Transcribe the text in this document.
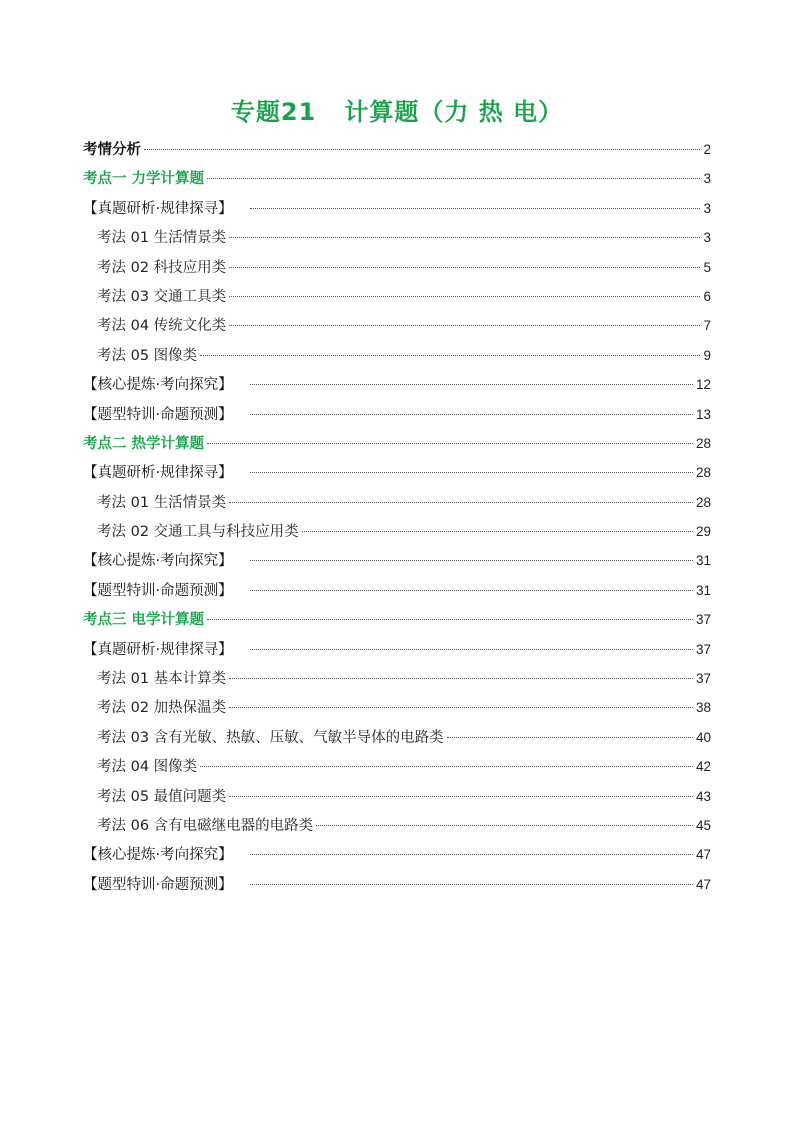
专题21   计算题（力 热 电）
考情分析	2
考点一 力学计算题	3
【真题研析·规律探寻】	3
考法 01 生活情景类	3
考法 02 科技应用类	5
考法 03 交通工具类	6
考法 04 传统文化类	7
考法 05 图像类	9
【核心提炼·考向探究】	12
【题型特训·命题预测】	13
考点二 热学计算题	28
【真题研析·规律探寻】	28
考法 01 生活情景类	28
考法 02 交通工具与科技应用类	29
【核心提炼·考向探究】	31
【题型特训·命题预测】	31
考点三 电学计算题	37
【真题研析·规律探寻】	37
考法 01 基本计算类	37
考法 02 加热保温类	38
考法 03 含有光敏、热敏、压敏、气敏半导体的电路类	40
考法 04 图像类	42
考法 05 最值问题类	43
考法 06 含有电磁继电器的电路类	45
【核心提炼·考向探究】	47
【题型特训·命题预测】	47
